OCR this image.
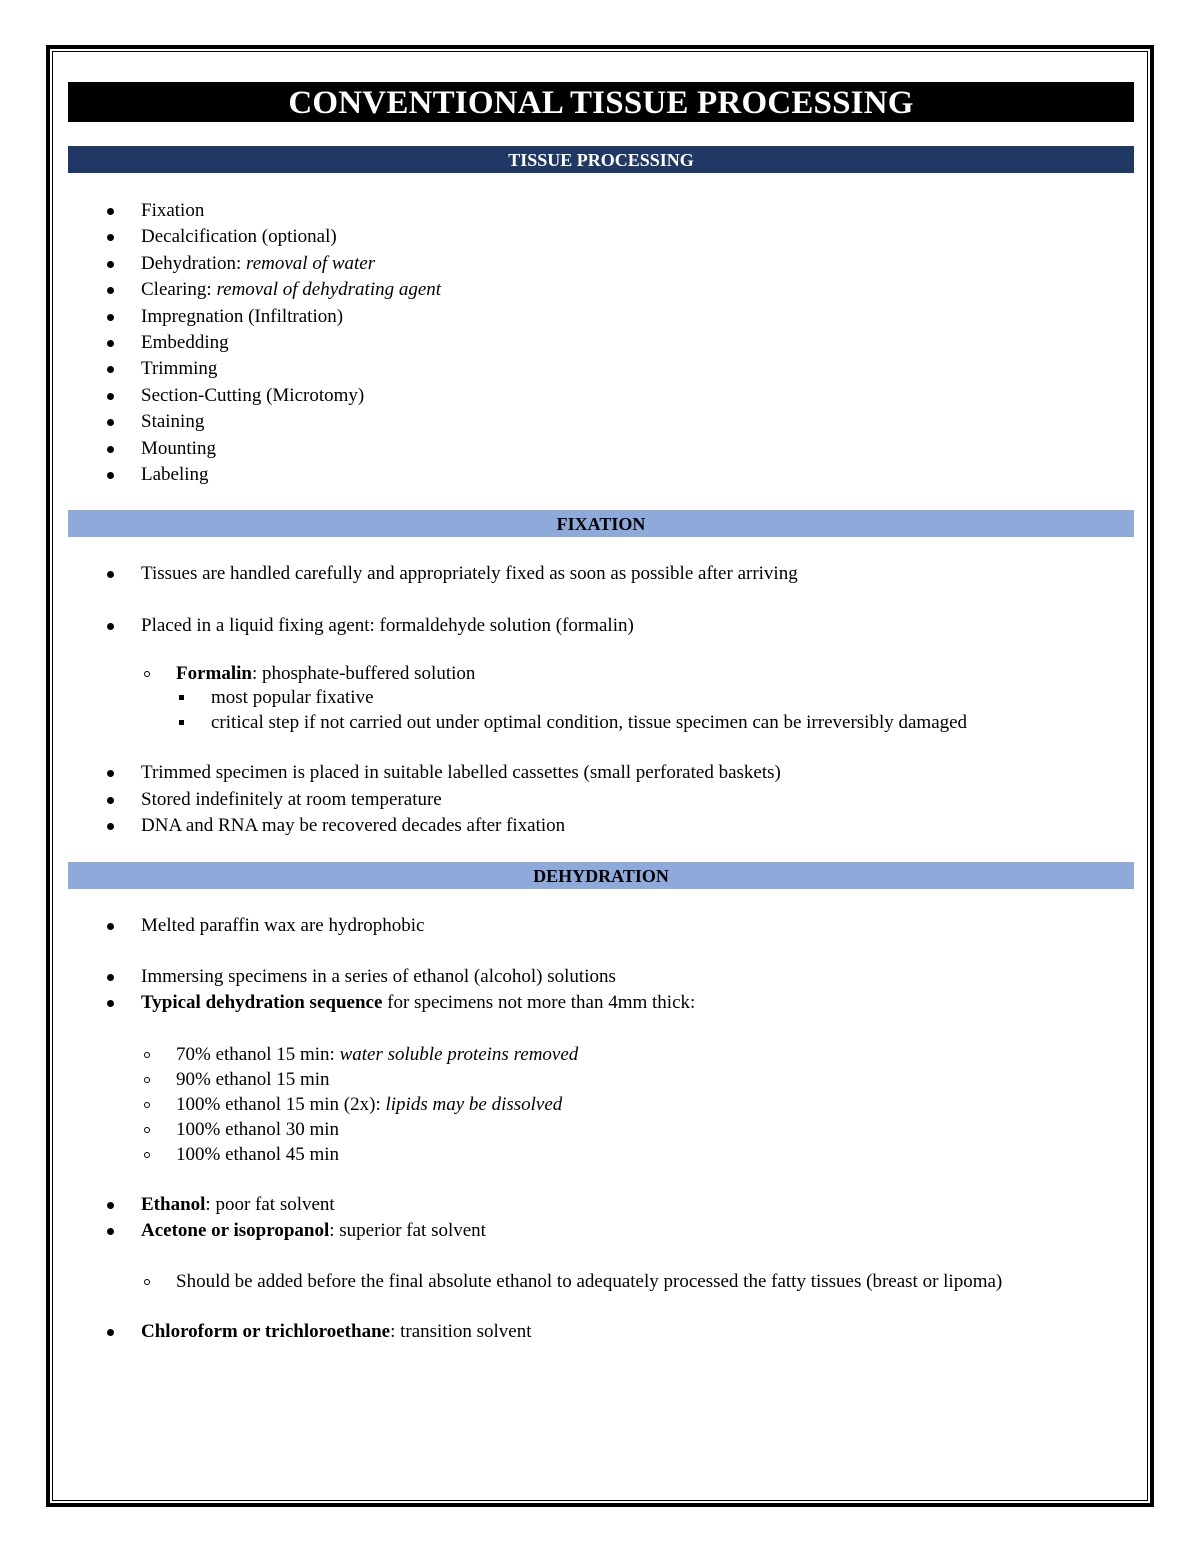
CONVENTIONAL TISSUE PROCESSING
TISSUE PROCESSING
Fixation
Decalcification (optional)
Dehydration: removal of water
Clearing: removal of dehydrating agent
Impregnation (Infiltration)
Embedding
Trimming
Section-Cutting (Microtomy)
Staining
Mounting
Labeling
FIXATION
Tissues are handled carefully and appropriately fixed as soon as possible after arriving
Placed in a liquid fixing agent: formaldehyde solution (formalin)
Formalin: phosphate-buffered solution
most popular fixative
critical step if not carried out under optimal condition, tissue specimen can be irreversibly damaged
Trimmed specimen is placed in suitable labelled cassettes (small perforated baskets)
Stored indefinitely at room temperature
DNA and RNA may be recovered decades after fixation
DEHYDRATION
Melted paraffin wax are hydrophobic
Immersing specimens in a series of ethanol (alcohol) solutions
Typical dehydration sequence for specimens not more than 4mm thick:
70% ethanol 15 min: water soluble proteins removed
90% ethanol 15 min
100% ethanol 15 min (2x): lipids may be dissolved
100% ethanol 30 min
100% ethanol 45 min
Ethanol: poor fat solvent
Acetone or isopropanol: superior fat solvent
Should be added before the final absolute ethanol to adequately processed the fatty tissues (breast or lipoma)
Chloroform or trichloroethane: transition solvent
